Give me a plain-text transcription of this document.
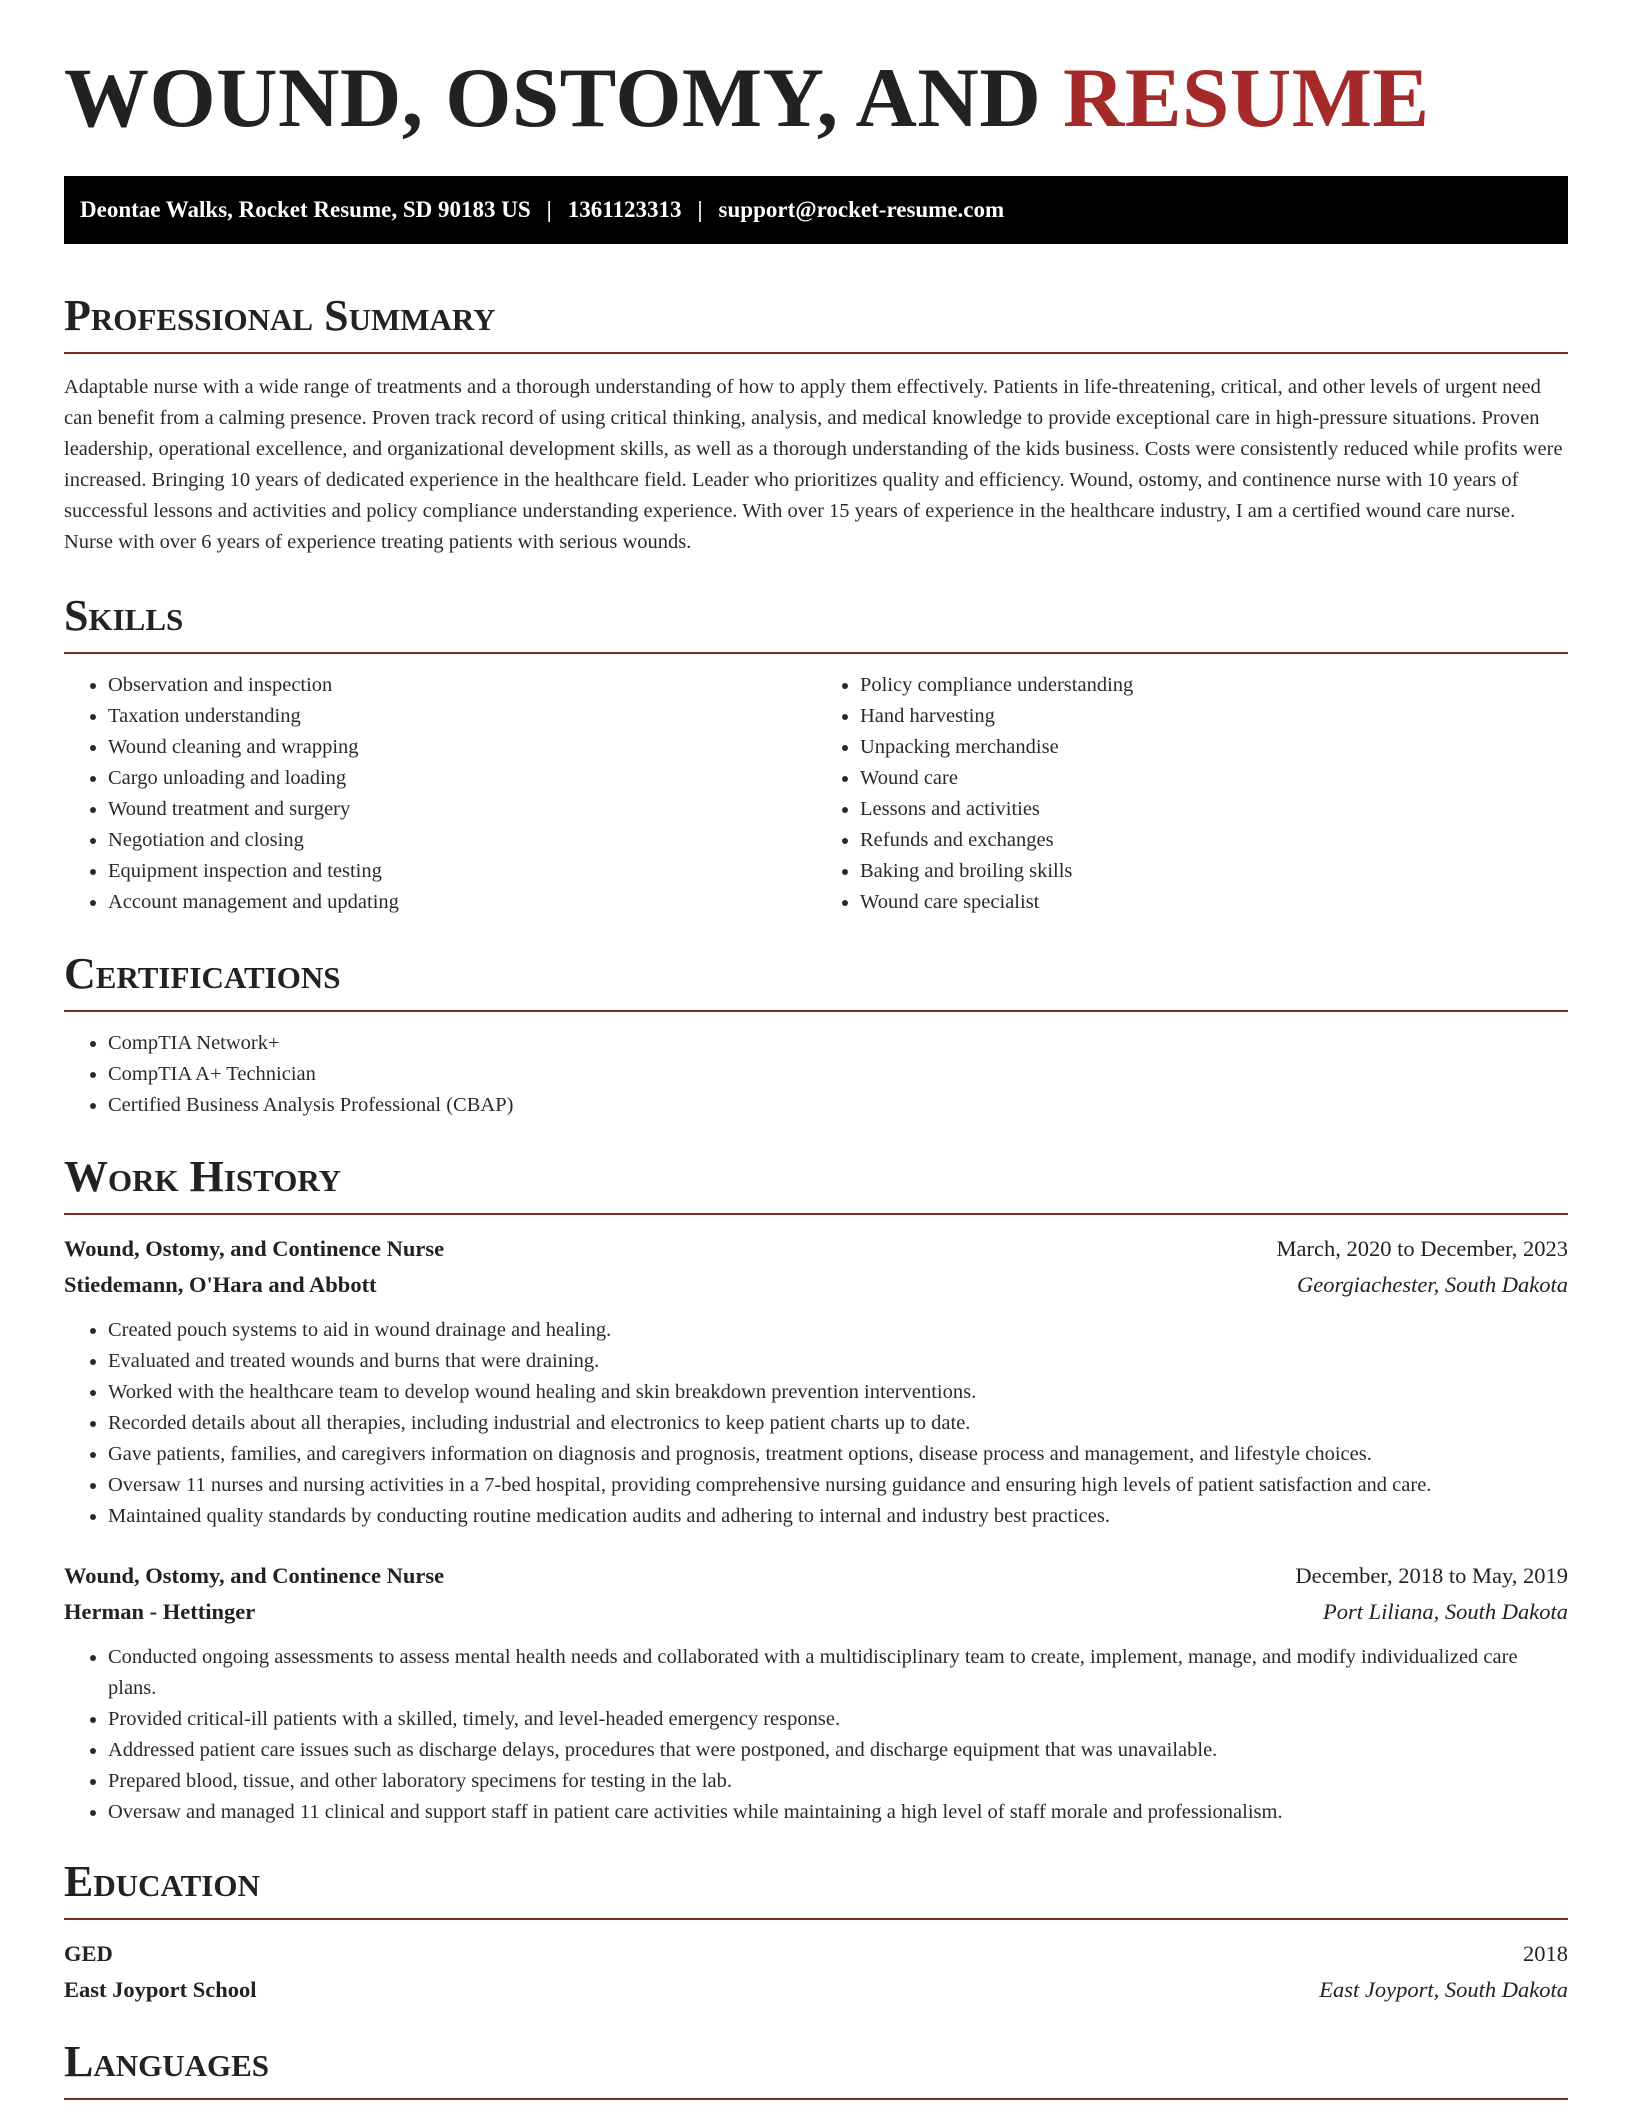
WOUND, OSTOMY, AND RESUME
Deontae Walks, Rocket Resume, SD 90183 US | 1361123313 | support@rocket-resume.com
Professional Summary

Adaptable nurse with a wide range of treatments and a thorough understanding of how to apply them effectively. Patients in life-threatening, critical, and other levels of urgent need can benefit from a calming presence. Proven track record of using critical thinking, analysis, and medical knowledge to provide exceptional care in high-pressure situations. Proven leadership, operational excellence, and organizational development skills, as well as a thorough understanding of the kids business. Costs were consistently reduced while profits were increased. Bringing 10 years of dedicated experience in the healthcare field. Leader who prioritizes quality and efficiency. Wound, ostomy, and continence nurse with 10 years of successful lessons and activities and policy compliance understanding experience. With over 15 years of experience in the healthcare industry, I am a certified wound care nurse. Nurse with over 6 years of experience treating patients with serious wounds.

Skills
• Observation and inspection
• Taxation understanding
• Wound cleaning and wrapping
• Cargo unloading and loading
• Wound treatment and surgery
• Negotiation and closing
• Equipment inspection and testing
• Account management and updating
• Policy compliance understanding
• Hand harvesting
• Unpacking merchandise
• Wound care
• Lessons and activities
• Refunds and exchanges
• Baking and broiling skills
• Wound care specialist
Certifications
• CompTIA Network+
• CompTIA A+ Technician
• Certified Business Analysis Professional (CBAP)
Work History
Wound, Ostomy, and Continence Nurse	March, 2020 to December, 2023
Stiedemann, O'Hara and Abbott	Georgiachester, South Dakota
• Created pouch systems to aid in wound drainage and healing.
• Evaluated and treated wounds and burns that were draining.
• Worked with the healthcare team to develop wound healing and skin breakdown prevention interventions.
• Recorded details about all therapies, including industrial and electronics to keep patient charts up to date.
• Gave patients, families, and caregivers information on diagnosis and prognosis, treatment options, disease process and management, and lifestyle choices.
• Oversaw 11 nurses and nursing activities in a 7-bed hospital, providing comprehensive nursing guidance and ensuring high levels of patient satisfaction and care.
• Maintained quality standards by conducting routine medication audits and adhering to internal and industry best practices.
Wound, Ostomy, and Continence Nurse	December, 2018 to May, 2019
Herman - Hettinger	Port Liliana, South Dakota
• Conducted ongoing assessments to assess mental health needs and collaborated with a multidisciplinary team to create, implement, manage, and modify individualized care plans.
• Provided critical-ill patients with a skilled, timely, and level-headed emergency response.
• Addressed patient care issues such as discharge delays, procedures that were postponed, and discharge equipment that was unavailable.
• Prepared blood, tissue, and other laboratory specimens for testing in the lab.
• Oversaw and managed 11 clinical and support staff in patient care activities while maintaining a high level of staff morale and professionalism.
Education
GED	2018
East Joyport School	East Joyport, South Dakota
Languages
